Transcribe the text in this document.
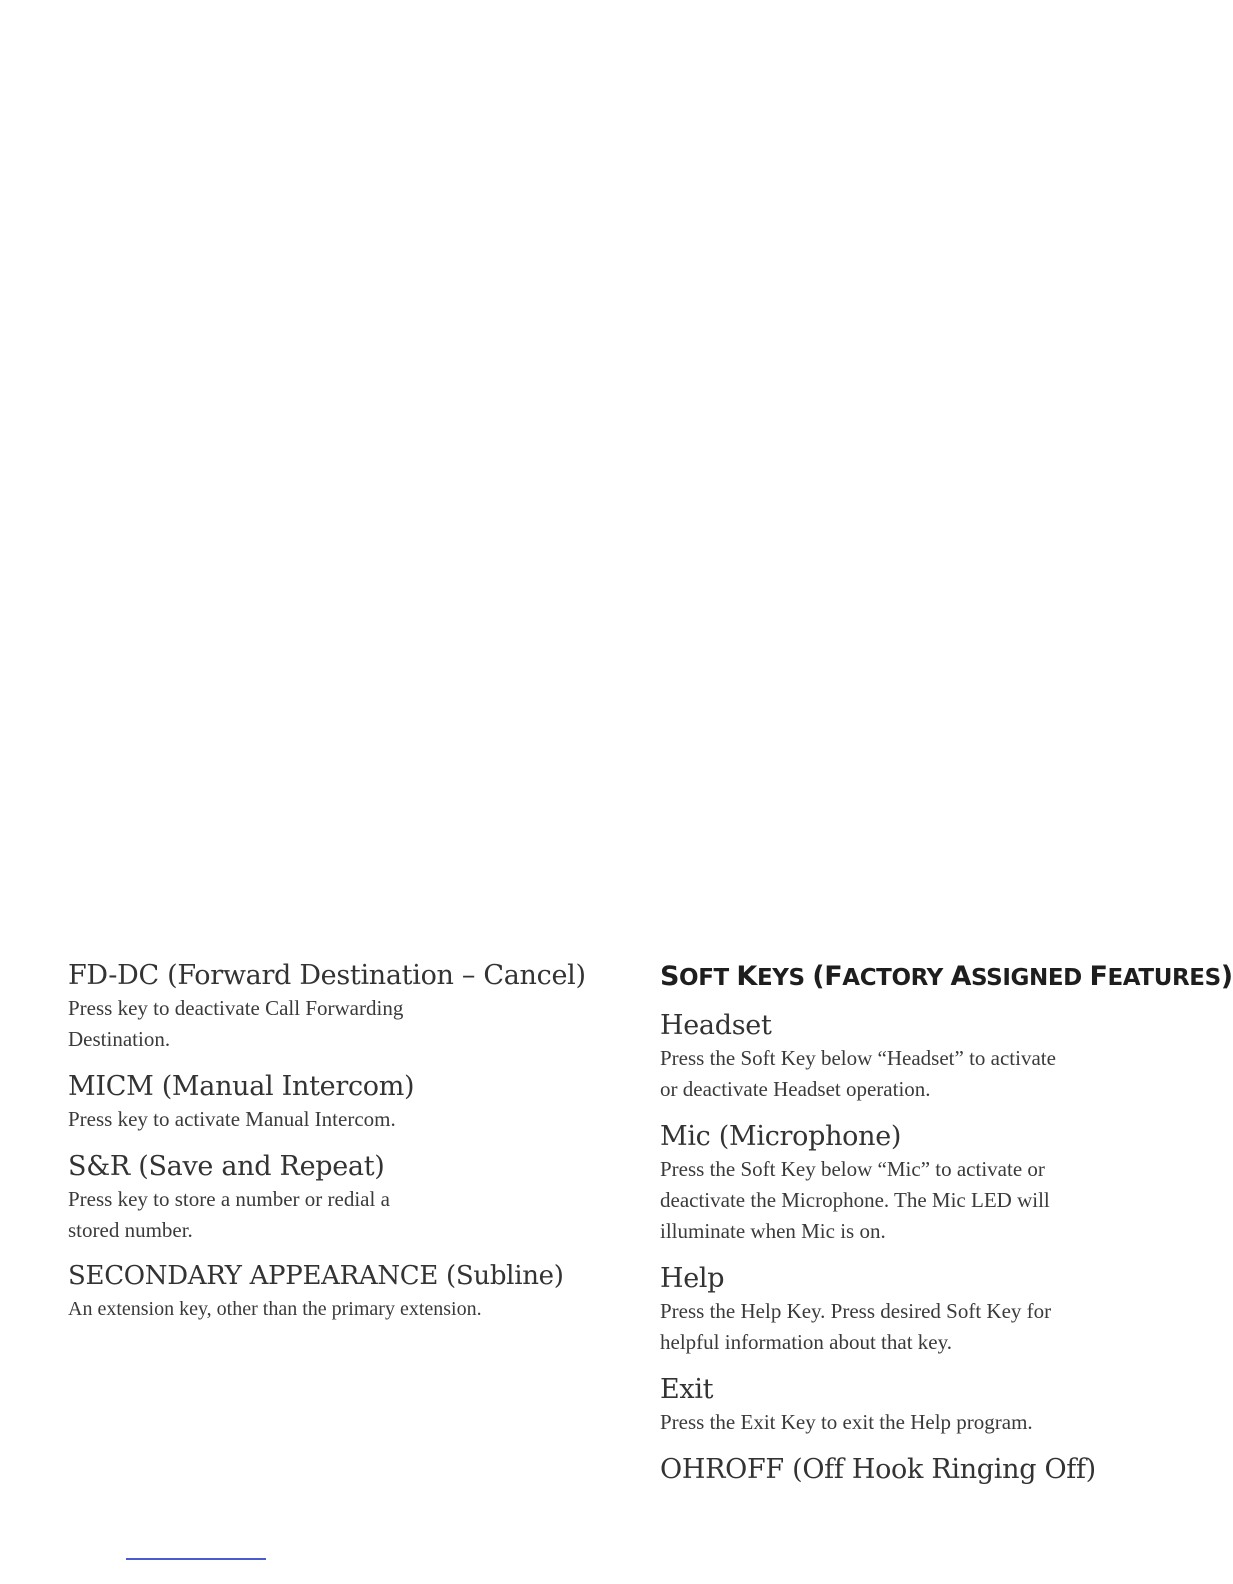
FD-DC (Forward Destination – Cancel)

Press key to deactivate Call Forwarding
Destination.

MICM (Manual Intercom)

Press key to activate Manual Intercom.

S&R (Save and Repeat)

Press key to store a number or redial a
stored number.

SECONDARY APPEARANCE (Subline)

An extension key, other than the primary extension.

SOFT KEYS (FACTORY ASSIGNED FEATURES)
Headset

Press the Soft Key below “Headset” to activate
or deactivate Headset operation.

Mic (Microphone)

Press the Soft Key below “Mic” to activate or
deactivate the Microphone. The Mic LED will
illuminate when Mic is on.

Help

Press the Help Key. Press desired Soft Key for
helpful information about that key.

Exit

Press the Exit Key to exit the Help program.

OHROFF (Off Hook Ringing Off)
